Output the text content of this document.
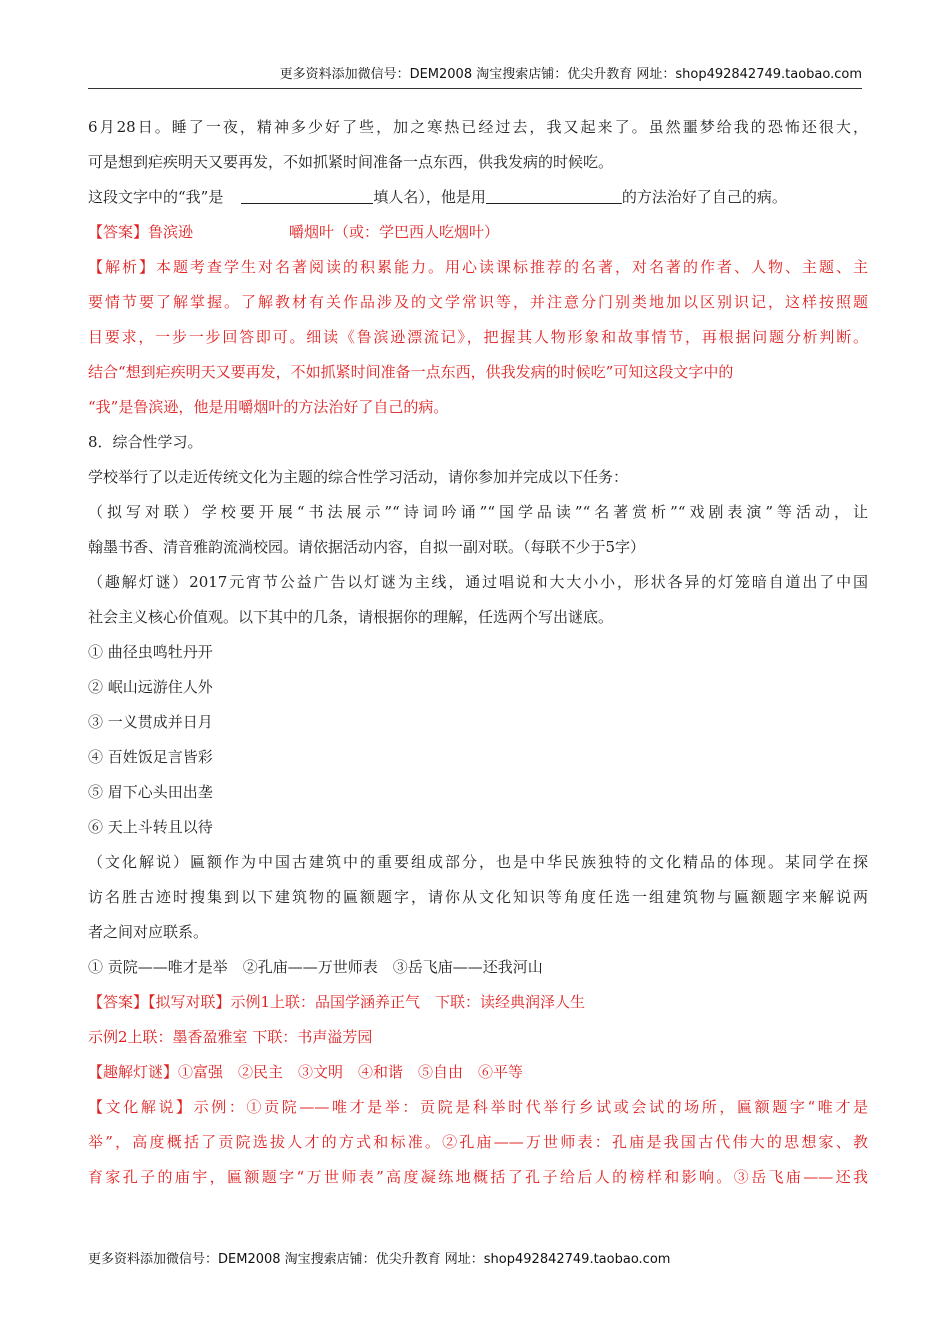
更多资料添加微信号：DEM2008 淘宝搜索店铺：优尖升教育 网址：shop492842749.taobao.com
6月28日。睡了一夜，精神多少好了些，加之寒热已经过去，我又起来了。虽然噩梦给我的恐怖还很大，
可是想到疟疾明天又要再发，不如抓紧时间准备一点东西，供我发病的时候吃。
这段文字中的“我”是	填人名），他是用	的方法治好了自己的病。
【答案】鲁滨逊	嚼烟叶（或：学巴西人吃烟叶）
【解析】本题考查学生对名著阅读的积累能力。用心读课标推荐的名著，对名著的作者、人物、主题、主
要情节要了解掌握。了解教材有关作品涉及的文学常识等，并注意分门别类地加以区别识记，这样按照题
目要求，一步一步回答即可。细读《鲁滨逊漂流记》，把握其人物形象和故事情节，再根据问题分析判断。
结合“想到疟疾明天又要再发，不如抓紧时间准备一点东西，供我发病的时候吃”可知这段文字中的
“我”是鲁滨逊，他是用嚼烟叶的方法治好了自己的病。
8．综合性学习。
学校举行了以走近传统文化为主题的综合性学习活动，请你参加并完成以下任务：
（拟写对联）学校要开展“书法展示”“诗词吟诵”“国学品读”“名著赏析”“戏剧表演”等活动，让
翰墨书香、清音雅韵流淌校园。请依据活动内容，自拟一副对联。（每联不少于5字）
（趣解灯谜）2017元宵节公益广告以灯谜为主线，通过唱说和大大小小，形状各异的灯笼暗自道出了中国
社会主义核心价值观。以下其中的几条，请根据你的理解，任选两个写出谜底。
① 曲径虫鸣牡丹开
② 岷山远游住人外
③ 一义贯成并日月
④ 百姓饭足言皆彩
⑤ 眉下心头田出垄
⑥ 天上斗转且以待
（文化解说）匾额作为中国古建筑中的重要组成部分，也是中华民族独特的文化精品的体现。某同学在探
访名胜古迹时搜集到以下建筑物的匾额题字，请你从文化知识等角度任选一组建筑物与匾额题字来解说两
者之间对应联系。
① 贡院——唯才是举　②孔庙——万世师表　③岳飞庙——还我河山
【答案】【拟写对联】示例1上联：品国学涵养正气　下联：读经典润泽人生
示例2上联：墨香盈雅室 下联：书声溢芳园
【趣解灯谜】①富强　②民主　③文明　④和谐　⑤自由　⑥平等
【文化解说】示例：①贡院——唯才是举：贡院是科举时代举行乡试或会试的场所，匾额题字“唯才是
举”，高度概括了贡院选拔人才的方式和标准。②孔庙——万世师表：孔庙是我国古代伟大的思想家、教
育家孔子的庙宇，匾额题字“万世师表”高度凝练地概括了孔子给后人的榜样和影响。③岳飞庙——还我
更多资料添加微信号：DEM2008 淘宝搜索店铺：优尖升教育 网址：shop492842749.taobao.com
